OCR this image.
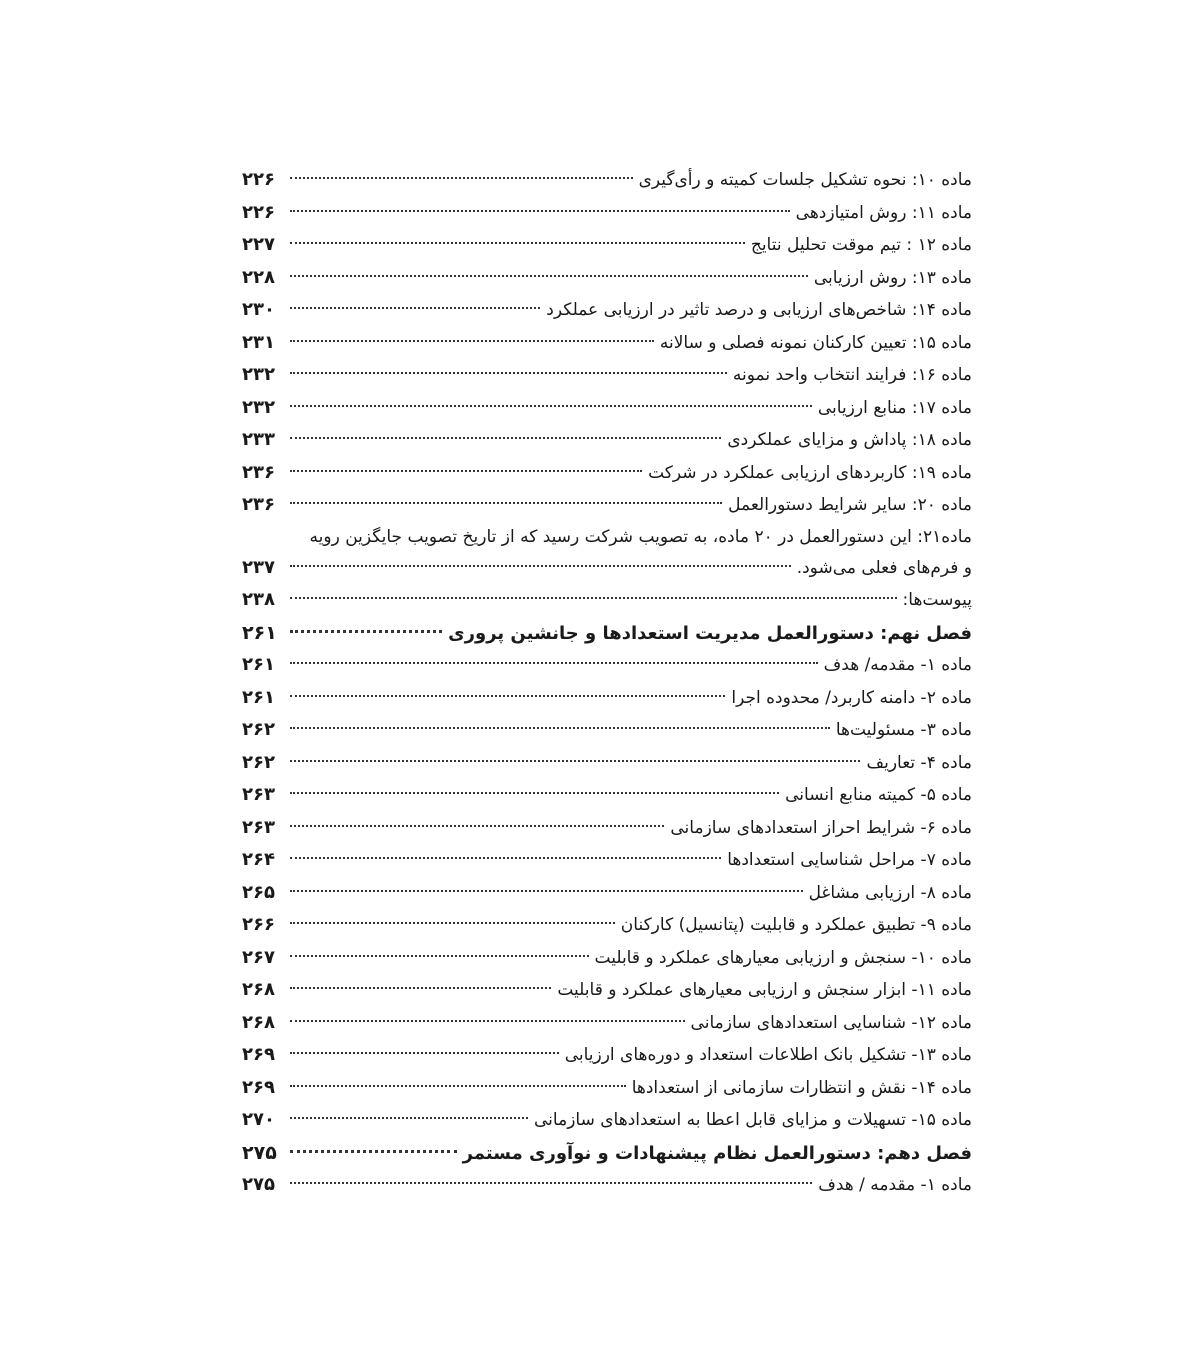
ماده ۱۰: نحوه تشکیل جلسات کمیته و رأی‌گیری
۲۲۶
ماده ۱۱: روش امتیازدهی
۲۲۶
ماده ۱۲ : تیم موقت تحلیل نتایج
۲۲۷
ماده ۱۳: روش ارزیابی
۲۲۸
ماده ۱۴: شاخص‌های ارزیابی و درصد تاثیر در ارزیابی عملکرد
۲۳۰
ماده ۱۵: تعیین کارکنان نمونه فصلی و سالانه
۲۳۱
ماده ۱۶: فرایند انتخاب واحد نمونه
۲۳۲
ماده ۱۷: منابع ارزیابی
۲۳۲
ماده ۱۸: پاداش و مزایای عملکردی
۲۳۳
ماده ۱۹: کاربردهای ارزیابی عملکرد در شرکت
۲۳۶
ماده ۲۰: سایر شرایط دستورالعمل
۲۳۶
ماده۲۱: این دستورالعمل در ۲۰ ماده، به تصویب شرکت رسید که از تاریخ تصویب جایگزین رویه
و فرم‌های فعلی می‌شود.
۲۳۷
پیوست‌ها:
۲۳۸
فصل نهم: دستورالعمل مدیریت استعدادها و جانشین پروری
۲۶۱
ماده ۱- مقدمه/ هدف
۲۶۱
ماده ۲- دامنه کاربرد/ محدوده اجرا
۲۶۱
ماده ۳- مسئولیت‌ها
۲۶۲
ماده ۴- تعاریف
۲۶۲
ماده ۵- کمیته منابع انسانی
۲۶۳
ماده ۶- شرایط احراز استعدادهای سازمانی
۲۶۳
ماده ۷- مراحل شناسایی استعدادها
۲۶۴
ماده ۸- ارزیابی مشاغل
۲۶۵
ماده ۹- تطبیق عملکرد و قابلیت (پتانسیل) کارکنان
۲۶۶
ماده ۱۰- سنجش و ارزیابی معیارهای عملکرد و قابلیت
۲۶۷
ماده ۱۱- ابزار سنجش و ارزیابی معیارهای عملکرد و قابلیت
۲۶۸
ماده ۱۲- شناسایی استعدادهای سازمانی
۲۶۸
ماده ۱۳- تشکیل بانک اطلاعات استعداد و دوره‌های ارزیابی
۲۶۹
ماده ۱۴- نقش و انتظارات سازمانی از استعدادها
۲۶۹
ماده ۱۵- تسهیلات و مزایای قابل اعطا به استعدادهای سازمانی
۲۷۰
فصل دهم: دستورالعمل نظام پیشنهادات و نوآوری مستمر
۲۷۵
ماده ۱- مقدمه / هدف
۲۷۵
